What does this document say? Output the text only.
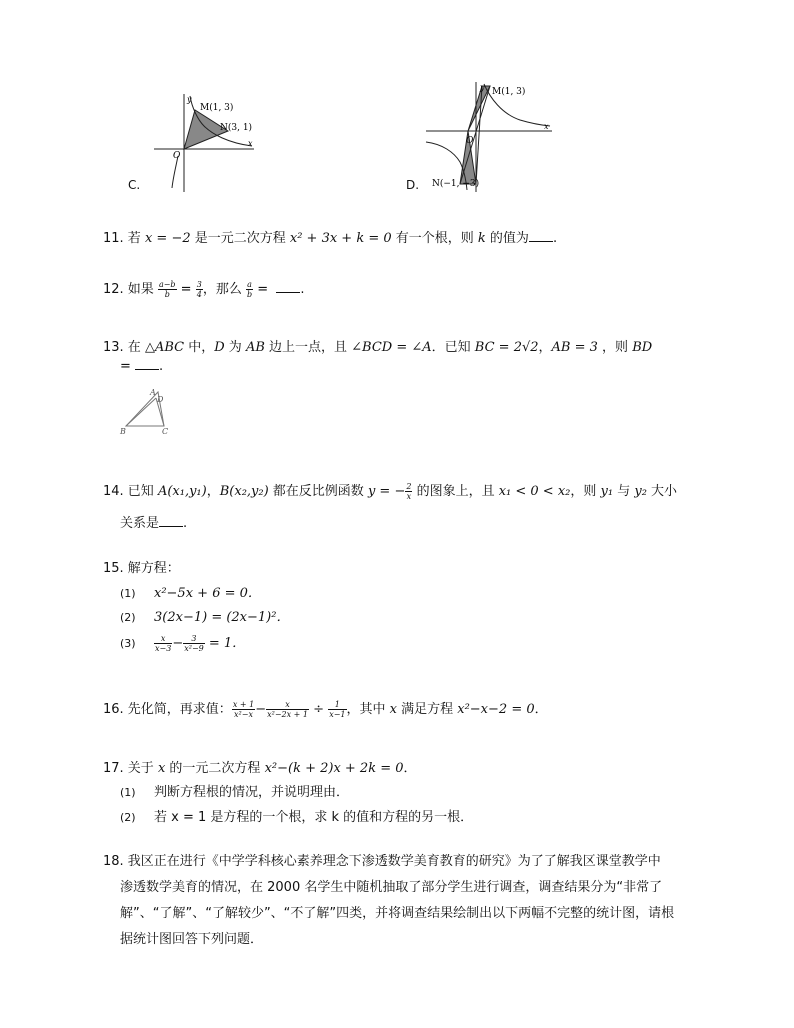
C.
y
x
O
M(1, 3)
N(3, 1)
D.
y
x
O
M(1, 3)
N(−1, −3)
11. 若 x = −2 是一元二次方程 x² + 3x + k = 0 有一个根，则 k 的值为 .
12. 如果 $\frac{a-b}{b} = \frac{3}{4}$ ，那么 $\frac{a}{b}$ =  .
13. 在 △ABC 中，D 为 AB 边上一点，且 ∠BCD = ∠A．已知 BC = 2√2，AB = 3 ，则 BD
= .
A
D
B	C
14. 已知 A(x₁,y₁)，B(x₂,y₂) 都在反比例函数 y = − $\frac{2}{x}$ 的图象上，且 x₁ < 0 < x₂，则 y₁ 与 y₂ 大小
关系是 .
15. 解方程：
(1) x²−5x + 6 = 0．
(2) 3(2x−1) = (2x−1)²．
$(3) \frac{x}{x-3} - \frac{3}{\text{x²−9}} = 1$．
16. 先化简，再求值： $\frac{x + 1}{\text{x²−x}} - \frac{x}{\text{x²−2x + 1}} \div \frac{1}{x-1}$ ，其中 x 满足方程 x²−x−2 = 0．
17. 关于 x 的一元二次方程 x²−(k + 2)x + 2k = 0．
(1) 判断方程根的情况，并说明理由．
(2) 若 x = 1 是方程的一个根，求 k 的值和方程的另一根．
18. 我区正在进行《中学学科核心素养理念下渗透数学美育教育的研究》为了了解我区课堂教学中
渗透数学美育的情况，在 2000 名学生中随机抽取了部分学生进行调查，调查结果分为“非常了
解”、“了解”、“了解较少”、“不了解”四类，并将调查结果绘制出以下两幅不完整的统计图，请根
据统计图回答下列问题．
